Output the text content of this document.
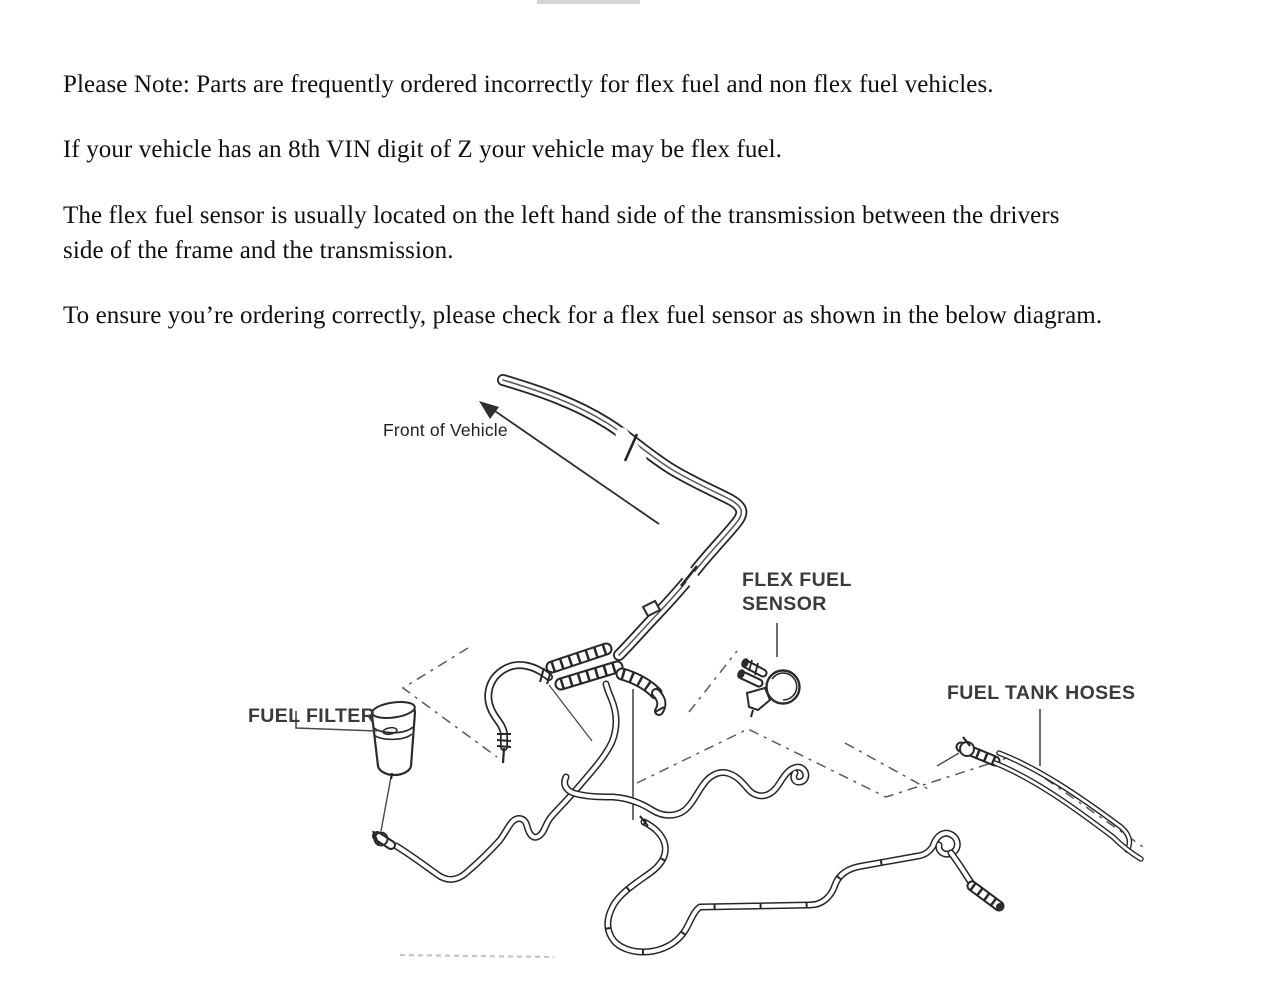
Please Note: Parts are frequently ordered incorrectly for flex fuel and non flex fuel vehicles.
If your vehicle has an 8th VIN digit of Z your vehicle may be flex fuel.
The flex fuel sensor is usually located on the left hand side of the transmission between the drivers
side of the frame and the transmission.
To ensure you’re ordering correctly, please check for a flex fuel sensor as shown in the below diagram.
Front of Vehicle
FUEL FILTER
FLEX FUEL
SENSOR
FUEL TANK HOSES
